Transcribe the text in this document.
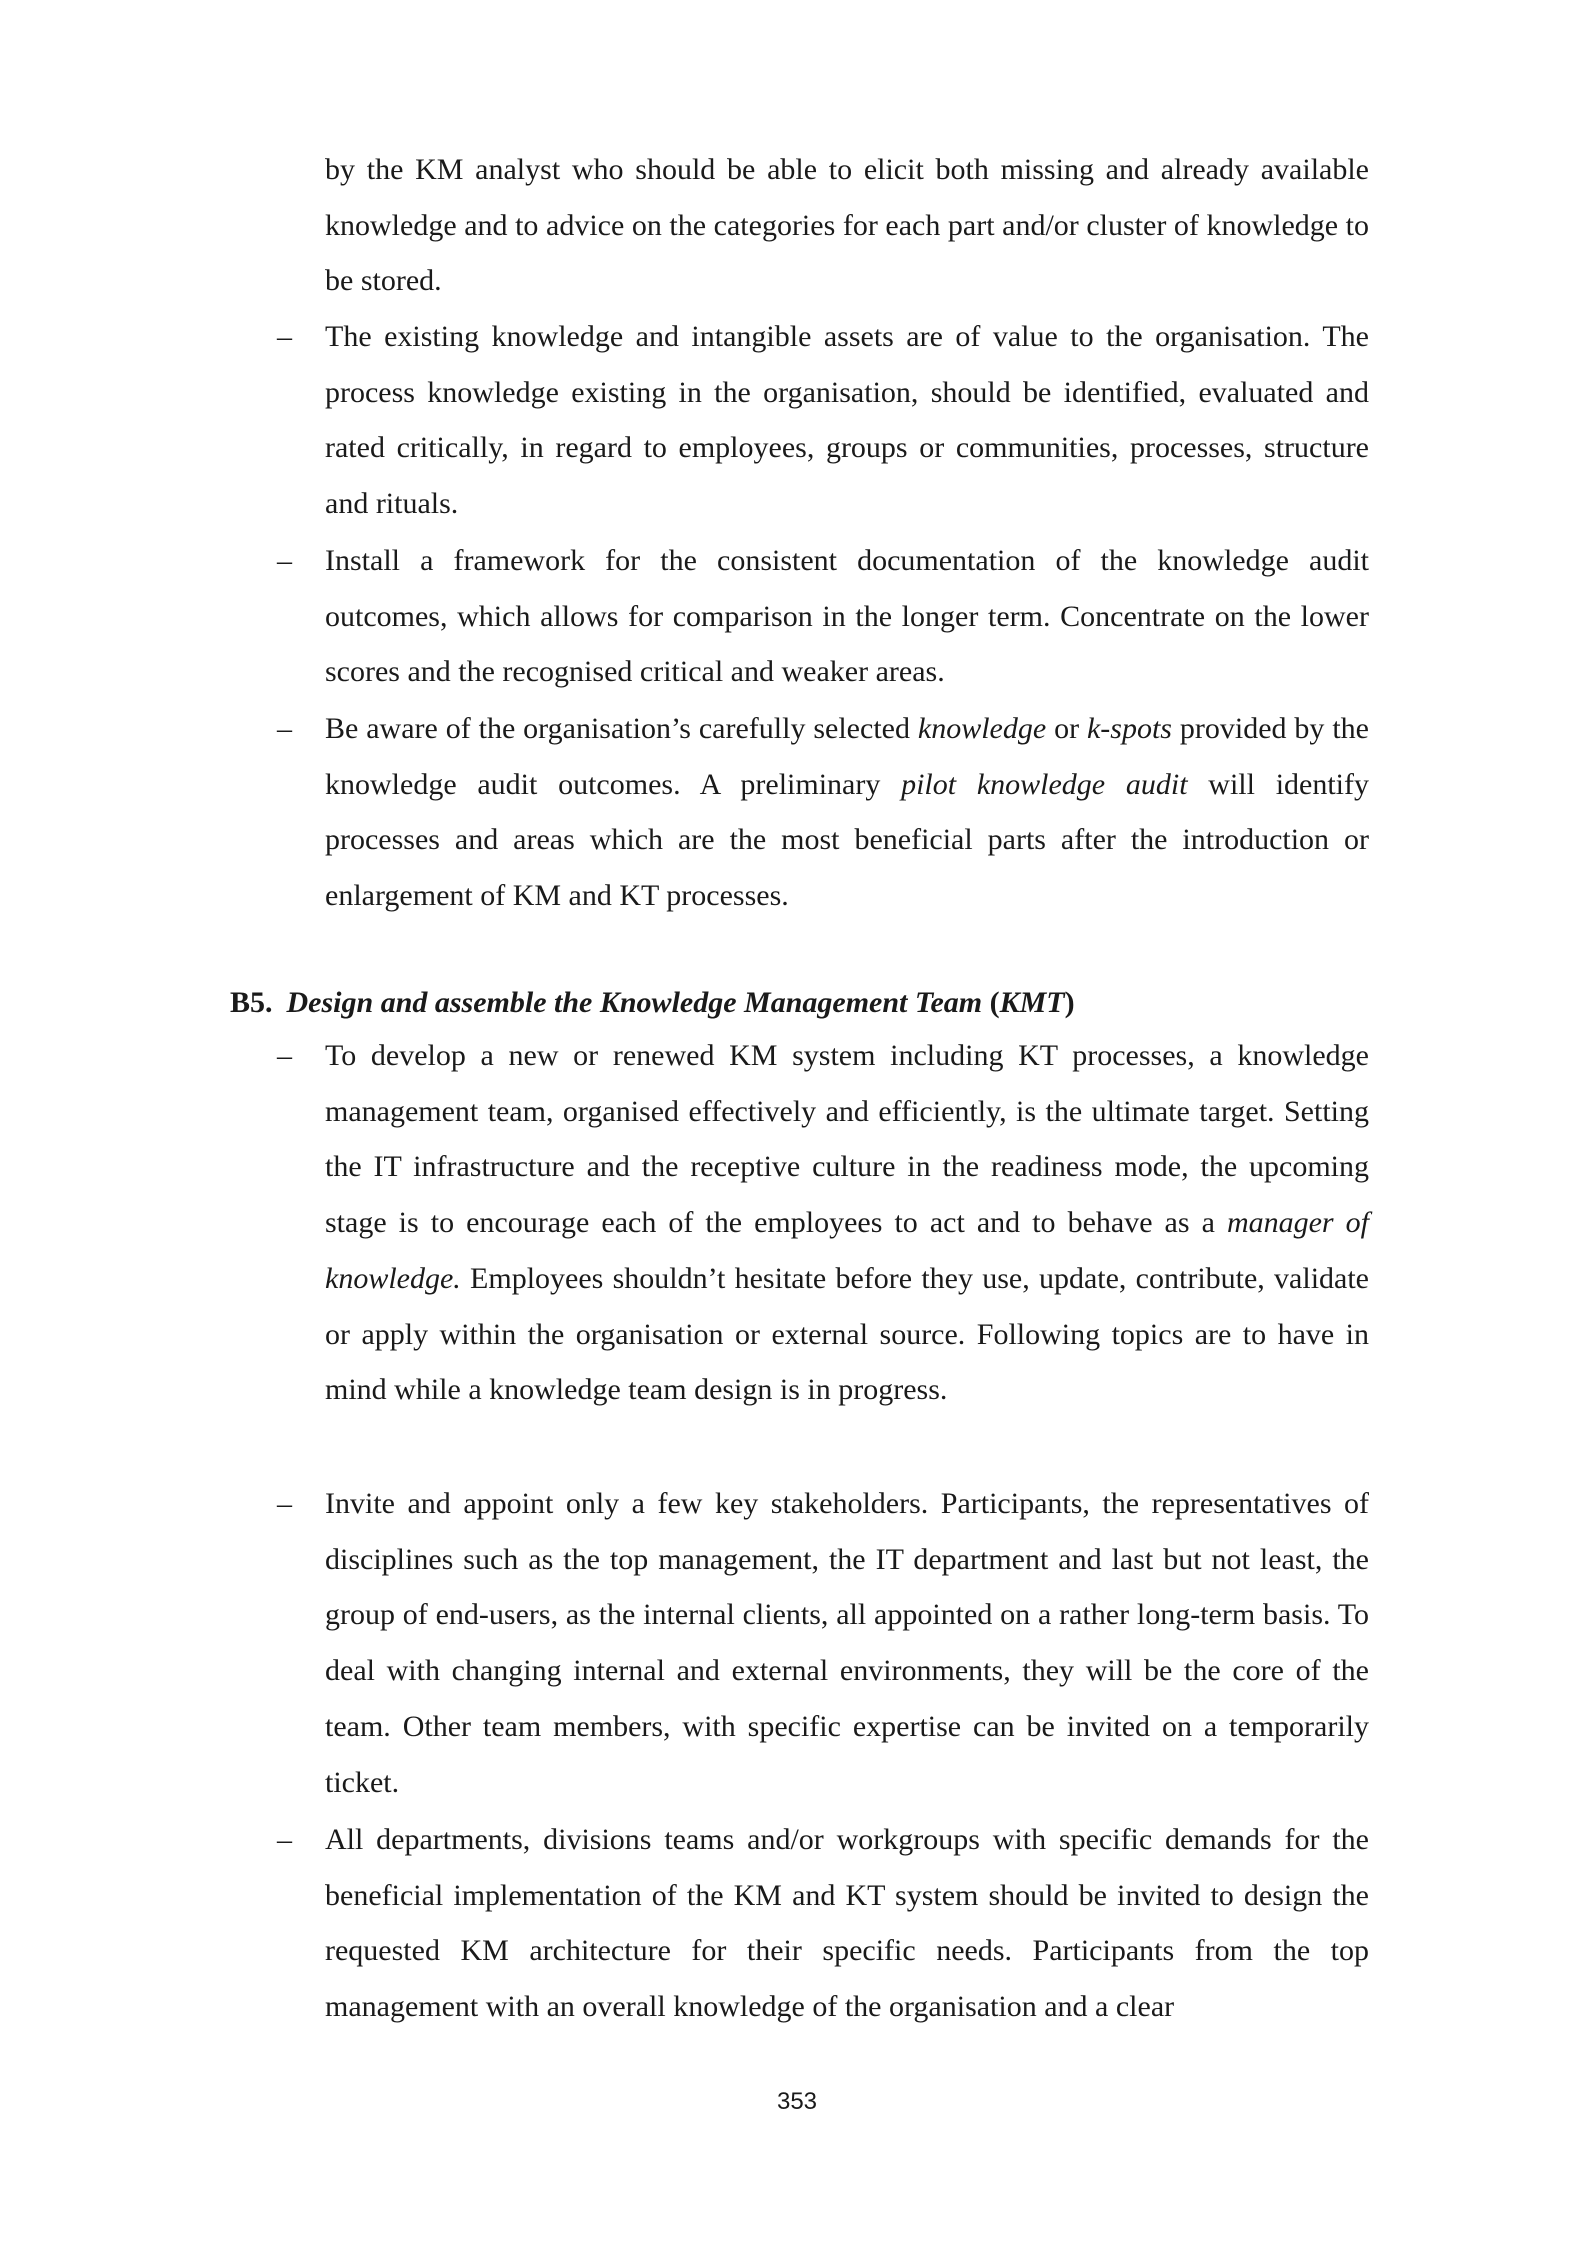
by the KM analyst who should be able to elicit both missing and already available knowledge and to advice on the categories for each part and/or cluster of knowledge to be stored.

– The existing knowledge and intangible assets are of value to the organisation. The process knowledge existing in the organisation, should be identified, evaluated and rated critically, in regard to employees, groups or communities, processes, structure and rituals.

– Install a framework for the consistent documentation of the knowledge audit outcomes, which allows for comparison in the longer term. Concentrate on the lower scores and the recognised critical and weaker areas.

– Be aware of the organisation’s carefully selected knowledge or k-spots provided by the knowledge audit outcomes. A preliminary pilot knowledge audit will identify processes and areas which are the most beneficial parts after the introduction or enlargement of KM and KT processes.

B5. Design and assemble the Knowledge Management Team (KMT)
– To develop a new or renewed KM system including KT processes, a knowledge management team, organised effectively and efficiently, is the ultimate target. Setting the IT infrastructure and the receptive culture in the readiness mode, the upcoming stage is to encourage each of the employees to act and to behave as a manager of knowledge. Employees shouldn’t hesitate before they use, update, contribute, validate or apply within the organisation or external source. Following topics are to have in mind while a knowledge team design is in progress.

– Invite and appoint only a few key stakeholders. Participants, the representatives of disciplines such as the top management, the IT department and last but not least, the group of end-users, as the internal clients, all appointed on a rather long-term basis. To deal with changing internal and external environments, they will be the core of the team. Other team members, with specific expertise can be invited on a temporarily ticket.

– All departments, divisions teams and/or workgroups with specific demands for the beneficial implementation of the KM and KT system should be invited to design the requested KM architecture for their specific needs. Participants from the top management with an overall knowledge of the organisation and a clear

353
